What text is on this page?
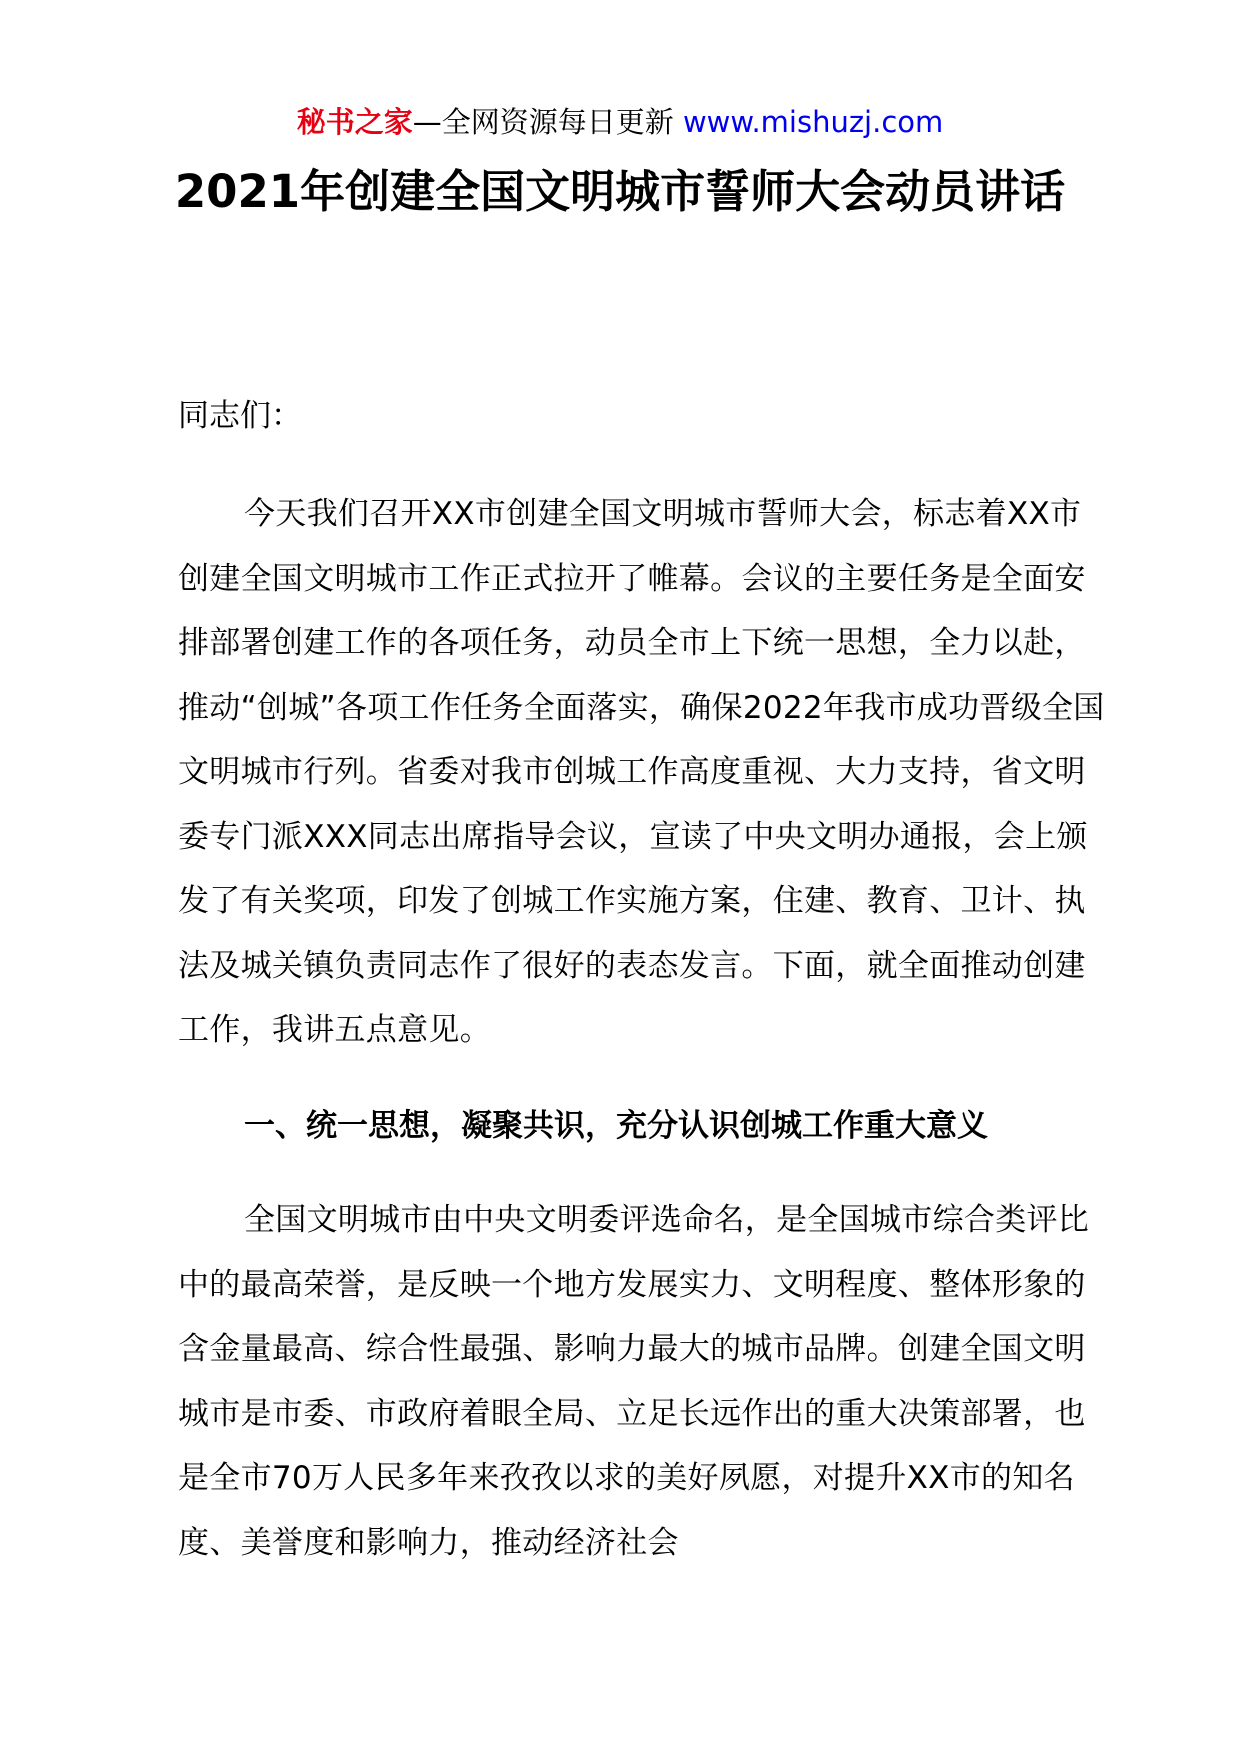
秘书之家—全网资源每日更新 www.mishuzj.com
2021年创建全国文明城市誓师大会动员讲话

同志们：

今天我们召开XX市创建全国文明城市誓师大会，标志着XX市创建全国文明城市工作正式拉开了帷幕。会议的主要任务是全面安排部署创建工作的各项任务，动员全市上下统一思想，全力以赴，推动“创城”各项工作任务全面落实，确保2022年我市成功晋级全国文明城市行列。省委对我市创城工作高度重视、大力支持，省文明委专门派XXX同志出席指导会议，宣读了中央文明办通报，会上颁发了有关奖项，印发了创城工作实施方案，住建、教育、卫计、执法及城关镇负责同志作了很好的表态发言。下面，就全面推动创建工作，我讲五点意见。

一、统一思想，凝聚共识，充分认识创城工作重大意义

全国文明城市由中央文明委评选命名，是全国城市综合类评比中的最高荣誉，是反映一个地方发展实力、文明程度、整体形象的含金量最高、综合性最强、影响力最大的城市品牌。创建全国文明城市是市委、市政府着眼全局、立足长远作出的重大决策部署，也是全市70万人民多年来孜孜以求的美好夙愿，对提升XX市的知名度、美誉度和影响力，推动经济社会
